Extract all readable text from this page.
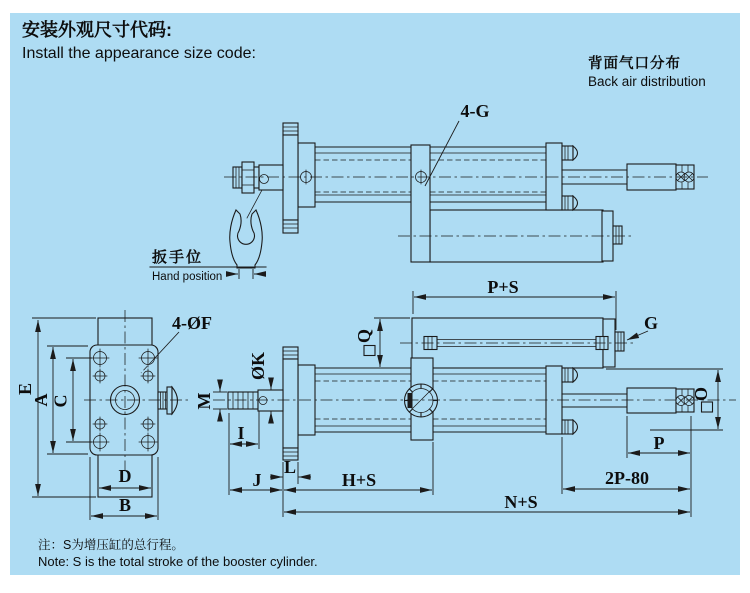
4-G
扳手位
Hand position
4-ØF
E
A C
D
B
G
P+S
Q
O
M
ØK
I
L
J	H+S
P
2P-80
N+S
安装外观尺寸代码:
Install the appearance size code:
背面气口分布
Back air distribution
注：S为增压缸的总行程。
Note: S is the total stroke of the booster cylinder.
